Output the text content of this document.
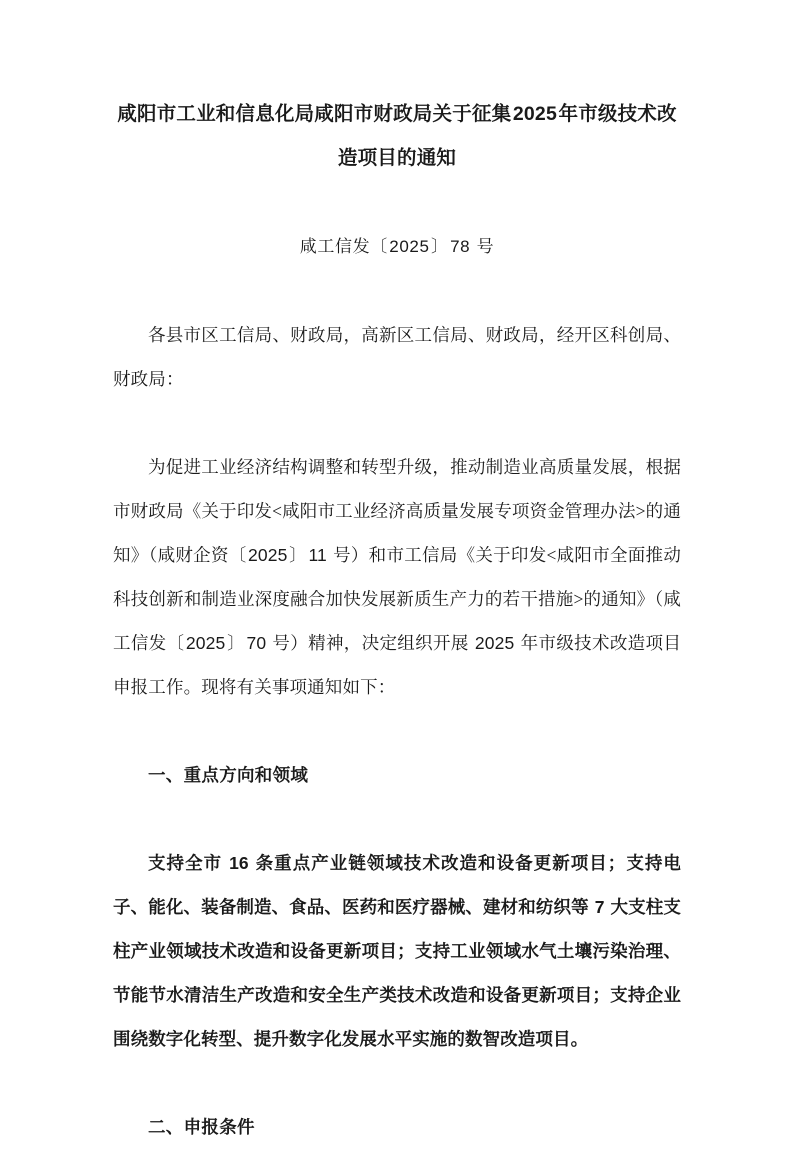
咸阳市工业和信息化局咸阳市财政局关于征集2025年市级技术改造项目的通知

咸工信发〔2025〕78 号

各县市区工信局、财政局，高新区工信局、财政局，经开区科创局、财政局：

为促进工业经济结构调整和转型升级，推动制造业高质量发展，根据市财政局《关于印发<咸阳市工业经济高质量发展专项资金管理办法>的通知》（咸财企资〔2025〕11 号）和市工信局《关于印发<咸阳市全面推动科技创新和制造业深度融合加快发展新质生产力的若干措施>的通知》（咸工信发〔2025〕70 号）精神，决定组织开展 2025 年市级技术改造项目申报工作。现将有关事项通知如下：

一、重点方向和领域

支持全市 16 条重点产业链领域技术改造和设备更新项目；支持电子、能化、装备制造、食品、医药和医疗器械、建材和纺织等 7 大支柱支柱产业领域技术改造和设备更新项目；支持工业领域水气土壤污染治理、节能节水清洁生产改造和安全生产类技术改造和设备更新项目；支持企业围绕数字化转型、提升数字化发展水平实施的数智改造项目。

二、申报条件
